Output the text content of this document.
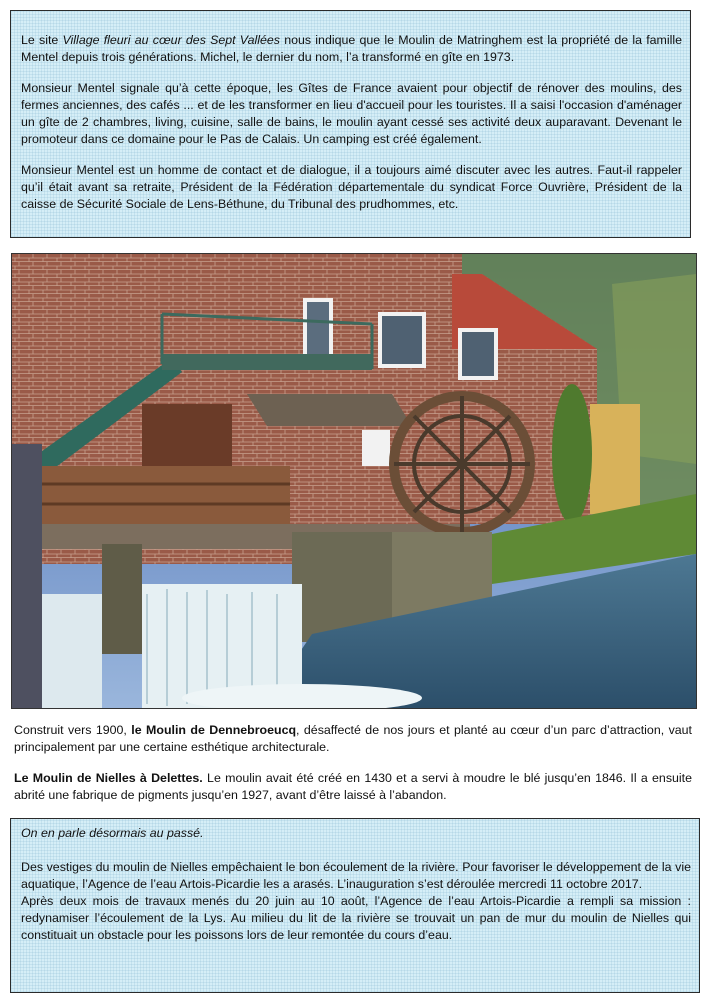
Le site Village fleuri au cœur des Sept Vallées nous indique que le Moulin de Matringhem est la propriété de la famille Mentel depuis trois générations. Michel, le dernier du nom, l’a transformé en gîte en 1973.

Monsieur Mentel signale qu’à cette époque, les Gîtes de France avaient pour objectif de rénover des moulins, des fermes anciennes, des cafés ... et de les transformer en lieu d'accueil pour les touristes. Il a saisi l'occasion d'aménager un gîte de 2 chambres, living, cuisine, salle de bains, le moulin ayant cessé ses activité deux auparavant. Devenant le promoteur dans ce domaine pour le Pas de Calais. Un camping est créé également.

Monsieur Mentel est un homme de contact et de dialogue, il a toujours aimé discuter avec les autres. Faut-il rappeler qu’il était avant sa retraite, Président de la Fédération départementale du syndicat Force Ouvrière, Président de la caisse de Sécurité Sociale de Lens-Béthune, du Tribunal des prudhommes, etc.

Construit vers 1900, le Moulin de Dennebroeucq, désaffecté de nos jours et planté au cœur d’un parc d’attraction, vaut principalement par une certaine esthétique architecturale.

Le Moulin de Nielles à Delettes. Le moulin avait été créé en 1430 et a servi à moudre le blé jusqu’en 1846. Il a ensuite abrité une fabrique de pigments jusqu’en 1927, avant d’être laissé à l’abandon.

On en parle désormais au passé.

Des vestiges du moulin de Nielles empêchaient le bon écoulement de la rivière. Pour favoriser le développement de la vie aquatique, l’Agence de l’eau Artois-Picardie les a arasés. L’inauguration s’est déroulée mercredi 11 octobre 2017.

Après deux mois de travaux menés du 20 juin au 10 août, l’Agence de l’eau Artois-Picardie a rempli sa mission : redynamiser l’écoulement de la Lys. Au milieu du lit de la rivière se trouvait un pan de mur du moulin de Nielles qui constituait un obstacle pour les poissons lors de leur remontée du cours d’eau.
